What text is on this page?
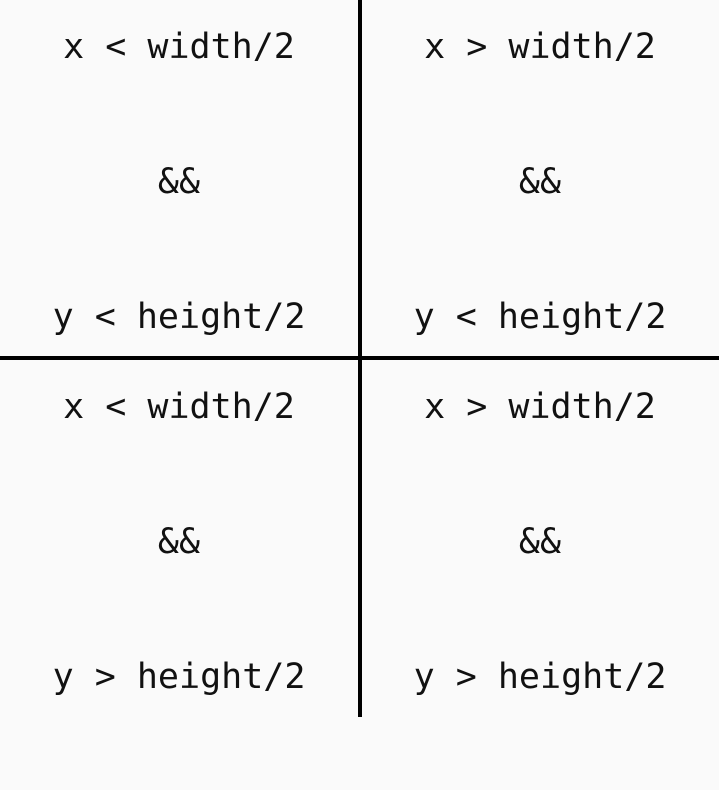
x < width/2

&&

y < height/2

x > width/2

&&

y < height/2

x < width/2

&&

y > height/2

x > width/2

&&

y > height/2
